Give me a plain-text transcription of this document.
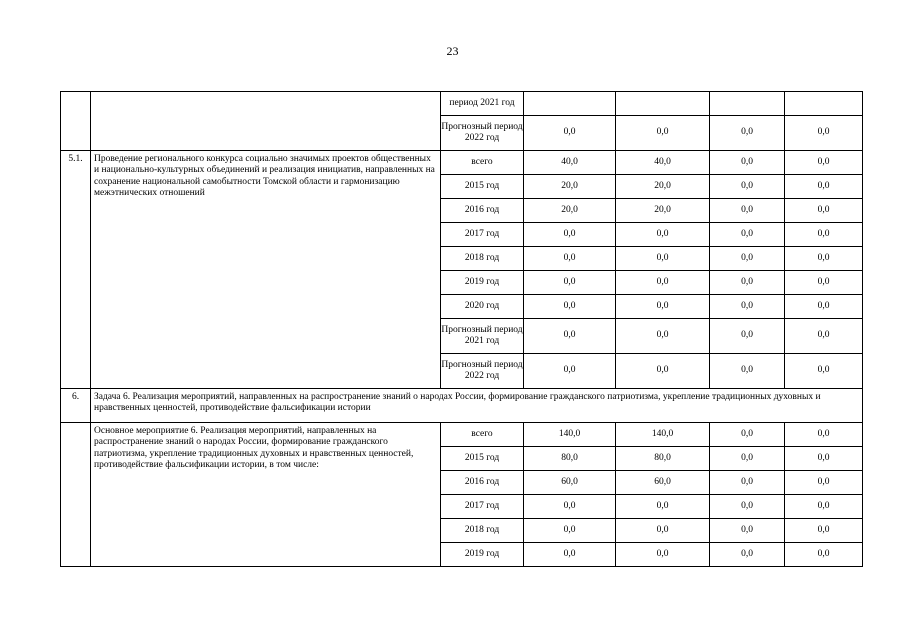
23
		период 2021 год				
		Прогнозный период 2022 год	0,0	0,0	0,0	0,0
5.1.	Проведение регионального конкурса социально значимых проектов общественных и национально-культурных объединений и реализация инициатив, направленных на сохранение национальной самобытности Томской области и гармонизацию межэтнических отношений	всего	40,0	40,0	0,0	0,0
		2015 год	20,0	20,0	0,0	0,0
		2016 год	20,0	20,0	0,0	0,0
		2017 год	0,0	0,0	0,0	0,0
		2018 год	0,0	0,0	0,0	0,0
		2019 год	0,0	0,0	0,0	0,0
		2020 год	0,0	0,0	0,0	0,0
		Прогнозный период 2021 год	0,0	0,0	0,0	0,0
		Прогнозный период 2022 год	0,0	0,0	0,0	0,0
6.	Задача 6. Реализация мероприятий, направленных на распространение знаний о народах России, формирование гражданского патриотизма, укрепление традиционных духовных и нравственных ценностей, противодействие фальсификации истории					
	Основное мероприятие 6. Реализация мероприятий, направленных на распространение знаний о народах России, формирование гражданского патриотизма, укрепление традиционных духовных и нравственных ценностей, противодействие фальсификации истории, в том числе:	всего	140,0	140,0	0,0	0,0
		2015 год	80,0	80,0	0,0	0,0
		2016 год	60,0	60,0	0,0	0,0
		2017 год	0,0	0,0	0,0	0,0
		2018 год	0,0	0,0	0,0	0,0
		2019 год	0,0	0,0	0,0	0,0
